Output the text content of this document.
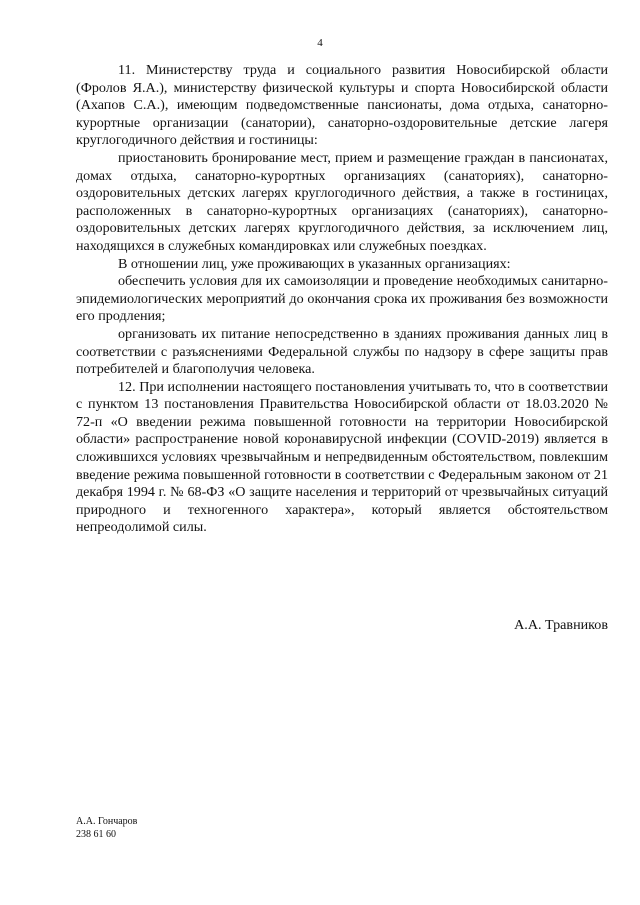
4

11. Министерству труда и социального развития Новосибирской области (Фролов Я.А.), министерству физической культуры и спорта Новосибирской области (Ахапов С.А.), имеющим подведомственные пансионаты, дома отдыха, санаторно-курортные организации (санатории), санаторно-оздоровительные детские лагеря круглогодичного действия и гостиницы:

приостановить бронирование мест, прием и размещение граждан в пансионатах, домах отдыха, санаторно-курортных организациях (санаториях), санаторно-оздоровительных детских лагерях круглогодичного действия, а также в гостиницах, расположенных в санаторно-курортных организациях (санаториях), санаторно-оздоровительных детских лагерях круглогодичного действия, за исключением лиц, находящихся в служебных командировках или служебных поездках.

В отношении лиц, уже проживающих в указанных организациях:

обеспечить условия для их самоизоляции и проведение необходимых санитарно-эпидемиологических мероприятий до окончания срока их проживания без возможности его продления;

организовать их питание непосредственно в зданиях проживания данных лиц в соответствии с разъяснениями Федеральной службы по надзору в сфере защиты прав потребителей и благополучия человека.

12. При исполнении настоящего постановления учитывать то, что в соответствии с пунктом 13 постановления Правительства Новосибирской области от 18.03.2020 № 72-п «О введении режима повышенной готовности на территории Новосибирской области» распространение новой коронавирусной инфекции (COVID-2019) является в сложившихся условиях чрезвычайным и непредвиденным обстоятельством, повлекшим введение режима повышенной готовности в соответствии с Федеральным законом от 21 декабря 1994 г. № 68-ФЗ «О защите населения и территорий от чрезвычайных ситуаций природного и техногенного характера», который является обстоятельством непреодолимой силы.

А.А. Травников
А.А. Гончаров
238 61 60
